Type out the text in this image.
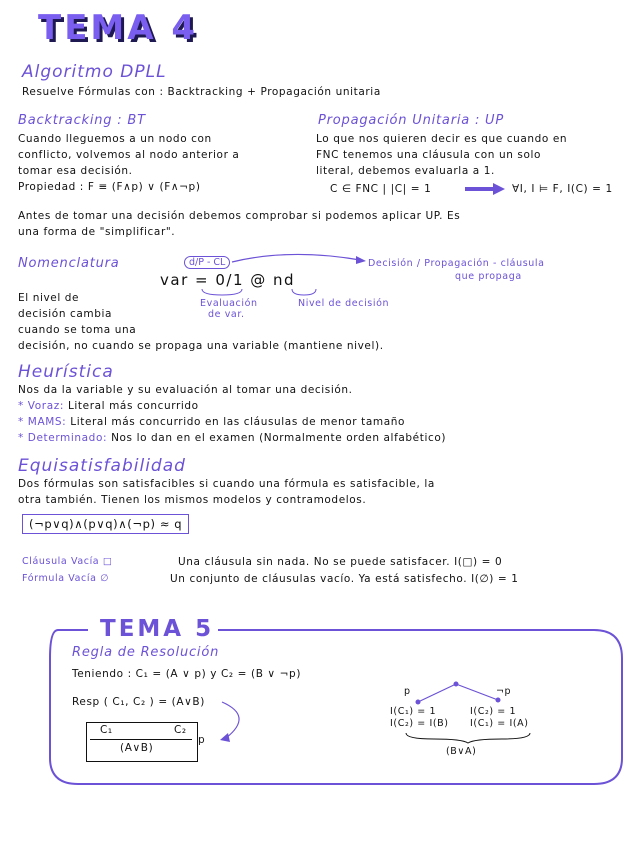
TEMA 4
Algoritmo DPLL
Resuelve Fórmulas con : Backtracking + Propagación unitaria
Backtracking : BT
Cuando lleguemos a un nodo con
conflicto, volvemos al nodo anterior a
tomar esa decisión.
Propiedad : F ≡ (F∧p) ∨ (F∧¬p)
Propagación Unitaria : UP
Lo que nos quieren decir es que cuando en
FNC tenemos una cláusula con un solo
literal, debemos evaluarla a 1.
C ∈ FNC | |C| = 1	∀I, I ⊨ F, I(C) = 1
Antes de tomar una decisión debemos comprobar si podemos aplicar UP. Es
una forma de "simplificar".
Nomenclatura	d/P - CL
var = 0/1 @ nd
Decisión / Propagación - cláusula
que propaga
Evaluación
de var.
Nivel de decisión
El nivel de
decisión cambia
cuando se toma una
decisión, no cuando se propaga una variable (mantiene nivel).
Heurística
Nos da la variable y su evaluación al tomar una decisión.
* Voraz: Literal más concurrido
* MAMS: Literal más concurrido en las cláusulas de menor tamaño
* Determinado: Nos lo dan en el examen (Normalmente orden alfabético)
Equisatisfabilidad
Dos fórmulas son satisfacibles si cuando una fórmula es satisfacible, la
otra también. Tienen los mismos modelos y contramodelos.
(¬p∨q)∧(p∨q)∧(¬p) ≈ q
Cláusula Vacía □	Una cláusula sin nada. No se puede satisfacer. I(□) = 0
Fórmula Vacía ∅	Un conjunto de cláusulas vacío. Ya está satisfecho. I(∅) = 1
TEMA 5
Regla de Resolución
Teniendo : C₁ = (A ∨ p) y C₂ = (B ∨ ¬p)
Resp ( C₁, C₂ ) = (A∨B)
C₁	C₂
(A∨B)
p
p	¬p
I(C₁) = 1
I(C₂) = I(B)
I(C₂) = 1
I(C₁) = I(A)
(B∨A)
